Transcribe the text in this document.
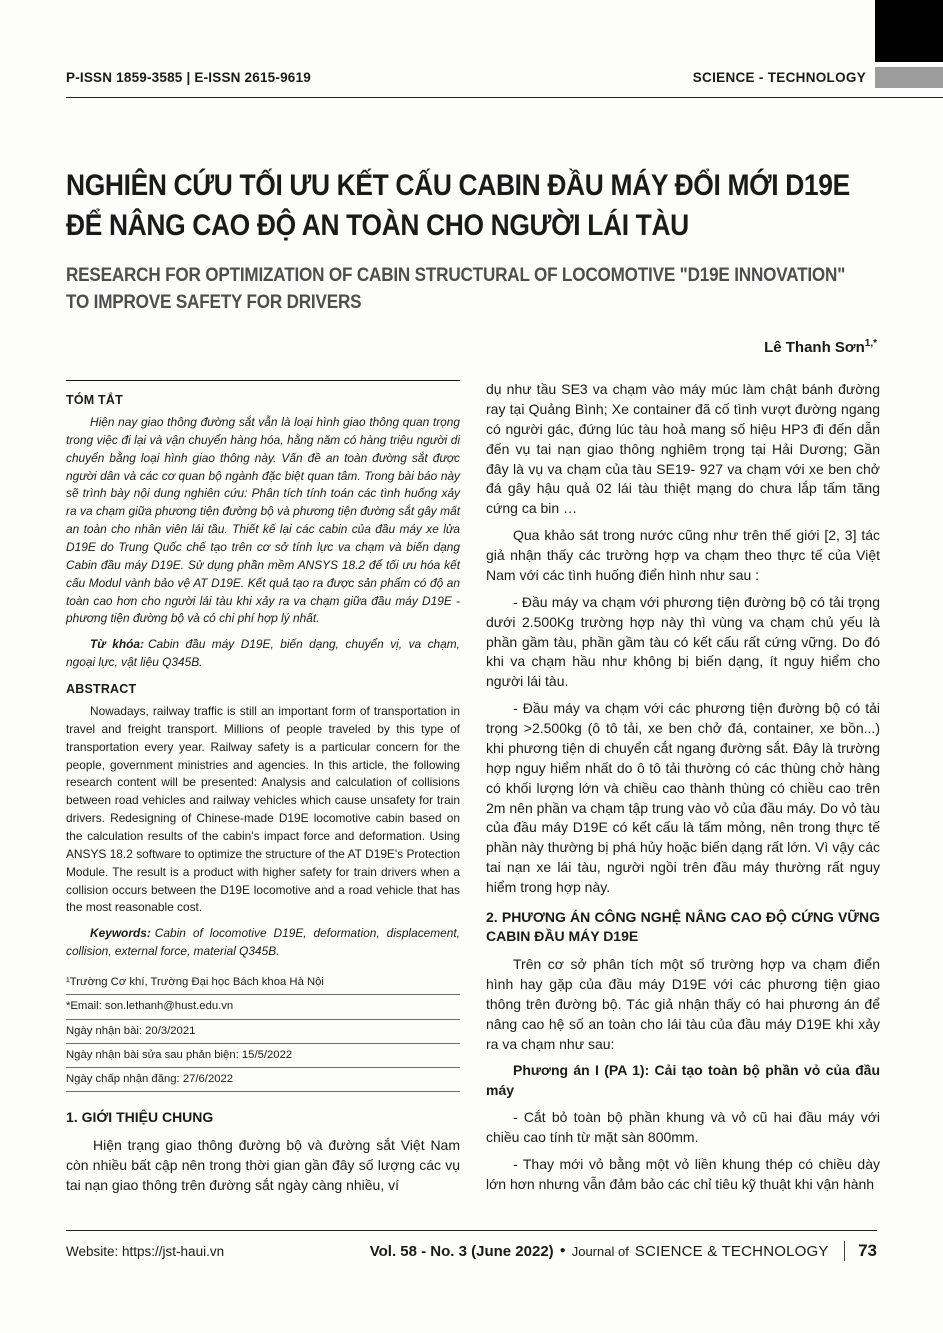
P-ISSN 1859-3585 | E-ISSN 2615-9619	SCIENCE - TECHNOLOGY
NGHIÊN CỨU TỐI ƯU KẾT CẤU CABIN ĐẦU MÁY ĐỔI MỚI D19E
ĐỂ NÂNG CAO ĐỘ AN TOÀN CHO NGƯỜI LÁI TÀU
RESEARCH FOR OPTIMIZATION OF CABIN STRUCTURAL OF LOCOMOTIVE "D19E INNOVATION"
TO IMPROVE SAFETY FOR DRIVERS
Lê Thanh Sơn$^{1,*}$
TÓM TẮT

Hiện nay giao thông đường sắt vẫn là loại hình giao thông quan trọng trong việc đi lại và vận chuyển hàng hóa, hằng năm có hàng triệu người di chuyển bằng loại hình giao thông này. Vấn đề an toàn đường sắt được người dân và các cơ quan bộ ngành đặc biệt quan tâm. Trong bài báo này sẽ trình bày nội dung nghiên cứu: Phân tích tính toán các tình huống xảy ra va chạm giữa phương tiện đường bộ và phương tiện đường sắt gây mất an toàn cho nhân viên lái tầu. Thiết kế lại các cabin của đầu máy xe lửa D19E do Trung Quốc chế tạo trên cơ sở tính lực va chạm và biến dạng Cabin đầu máy D19E. Sử dụng phần mềm ANSYS 18.2 để tối ưu hóa kết cấu Modul vành bảo vệ AT D19E. Kết quả tạo ra được sản phẩm có độ an toàn cao hơn cho người lái tàu khi xảy ra va chạm giữa đầu máy D19E - phương tiện đường bộ và có chi phí hợp lý nhất.

Từ khóa: Cabin đầu máy D19E, biến dạng, chuyển vị, va chạm, ngoại lực, vật liệu Q345B.

ABSTRACT

Nowadays, railway traffic is still an important form of transportation in travel and freight transport. Millions of people traveled by this type of transportation every year. Railway safety is a particular concern for the people, government ministries and agencies. In this article, the following research content will be presented: Analysis and calculation of collisions between road vehicles and railway vehicles which cause unsafety for train drivers. Redesigning of Chinese-made D19E locomotive cabin based on the calculation results of the cabin's impact force and deformation. Using ANSYS 18.2 software to optimize the structure of the AT D19E's Protection Module. The result is a product with higher safety for train drivers when a collision occurs between the D19E locomotive and a road vehicle that has the most reasonable cost.

Keywords: Cabin of locomotive D19E, deformation, displacement, collision, external force, material Q345B.

¹Trường Cơ khí, Trường Đại học Bách khoa Hà Nội
*Email: son.lethanh@hust.edu.vn
Ngày nhận bài: 20/3/2021
Ngày nhận bài sửa sau phản biện: 15/5/2022
Ngày chấp nhận đăng: 27/6/2022
1. GIỚI THIỆU CHUNG

Hiện trạng giao thông đường bộ và đường sắt Việt Nam còn nhiều bất cập nên trong thời gian gần đây số lượng các vụ tai nạn giao thông trên đường sắt ngày càng nhiều, ví

dụ như tầu SE3 va chạm vào máy múc làm chật bánh đường ray tại Quảng Bình; Xe container đã cố tình vượt đường ngang có người gác, đứng lúc tàu hoả mang số hiệu HP3 đi đến dẫn đến vụ tai nạn giao thông nghiêm trọng tại Hải Dương; Gần đây là vụ va chạm của tàu SE19- 927 va chạm với xe ben chở đá gây hậu quả 02 lái tàu thiệt mạng do chưa lắp tấm tăng cứng ca bin …

Qua khảo sát trong nước cũng như trên thế giới [2, 3] tác giả nhận thấy các trường hợp va chạm theo thực tế của Việt Nam với các tình huống điển hình như sau :

- Đầu máy va chạm với phương tiện đường bộ có tải trọng dưới 2.500Kg trường hợp này thì vùng va chạm chủ yếu là phần gầm tàu, phần gầm tàu có kết cấu rất cứng vững. Do đó khi va chạm hầu như không bị biến dạng, ít nguy hiểm cho người lái tàu.

- Đầu máy va chạm với các phương tiện đường bộ có tải trọng >2.500kg (ô tô tải, xe ben chở đá, container, xe bồn...) khi phương tiện di chuyển cắt ngang đường sắt. Đây là trường hợp nguy hiểm nhất do ô tô tải thường có các thùng chở hàng có khối lượng lớn và chiều cao thành thùng có chiều cao trên 2m nên phần va chạm tập trung vào vỏ của đầu máy. Do vỏ tàu của đầu máy D19E có kết cấu là tấm mỏng, nên trong thực tế phần này thường bị phá hủy hoặc biến dạng rất lớn. Vì vậy các tai nạn xe lái tàu, người ngồi trên đầu máy thường rất nguy hiểm trong hợp này.

2. PHƯƠNG ÁN CÔNG NGHỆ NÂNG CAO ĐỘ CỨNG VỮNG CABIN ĐẦU MÁY D19E

Trên cơ sở phân tích một số trường hợp va chạm điển hình hay gặp của đầu máy D19E với các phương tiện giao thông trên đường bộ. Tác giả nhận thấy có hai phương án để nâng cao hệ số an toàn cho lái tàu của đầu máy D19E khi xảy ra va chạm như sau:

Phương án I (PA 1): Cải tạo toàn bộ phần vỏ của đầu máy

- Cắt bỏ toàn bộ phần khung và vỏ cũ hai đầu máy với chiều cao tính từ mặt sàn 800mm.

- Thay mới vỏ bằng một vỏ liền khung thép có chiều dày lớn hơn nhưng vẫn đảm bảo các chỉ tiêu kỹ thuật khi vận hành

Website: https://jst-haui.vn	Vol. 58 - No. 3 (June 2022) ● Journal of SCIENCE & TECHNOLOGY 73
